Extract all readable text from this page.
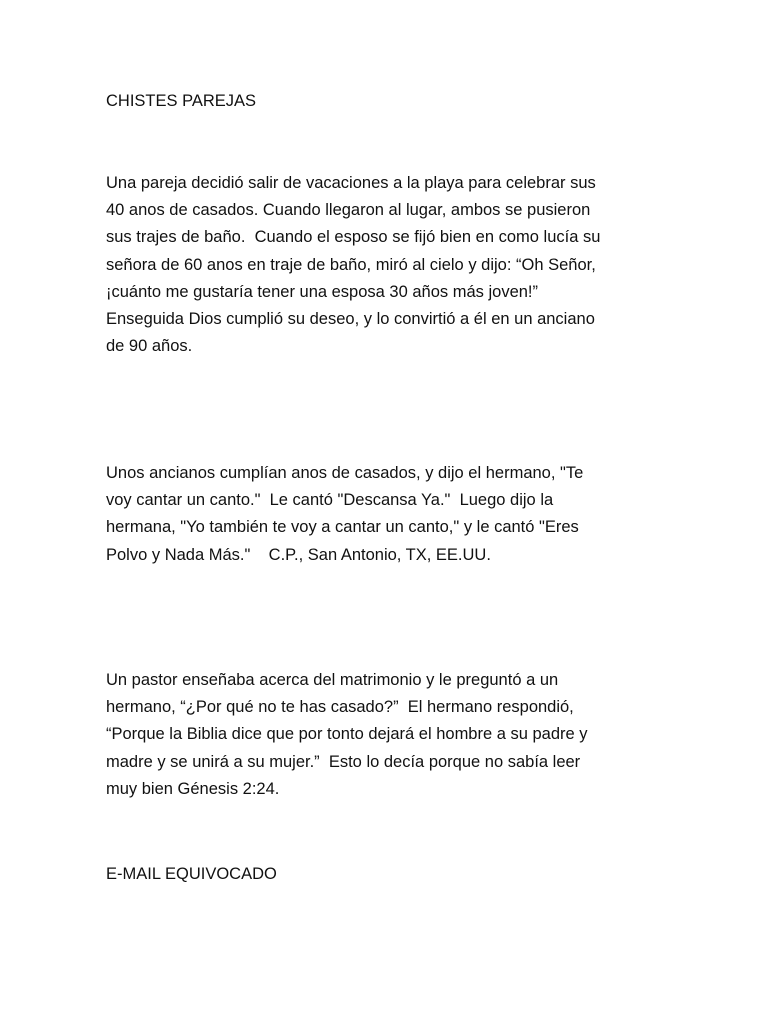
CHISTES PAREJAS

Una pareja decidió salir de vacaciones a la playa para celebrar sus
40 anos de casados. Cuando llegaron al lugar, ambos se pusieron
sus trajes de baño.  Cuando el esposo se fijó bien en como lucía su
señora de 60 anos en traje de baño, miró al cielo y dijo: “Oh Señor,
¡cuánto me gustaría tener una esposa 30 años más joven!”
Enseguida Dios cumplió su deseo, y lo convirtió a él en un anciano
de 90 años.

Unos ancianos cumplían anos de casados, y dijo el hermano, "Te
voy cantar un canto."  Le cantó "Descansa Ya."  Luego dijo la
hermana, "Yo también te voy a cantar un canto," y le cantó "Eres
Polvo y Nada Más."    C.P., San Antonio, TX, EE.UU.

Un pastor enseñaba acerca del matrimonio y le preguntó a un
hermano, “¿Por qué no te has casado?”  El hermano respondió,
“Porque la Biblia dice que por tonto dejará el hombre a su padre y
madre y se unirá a su mujer.”  Esto lo decía porque no sabía leer
muy bien Génesis 2:24.

E-MAIL EQUIVOCADO
